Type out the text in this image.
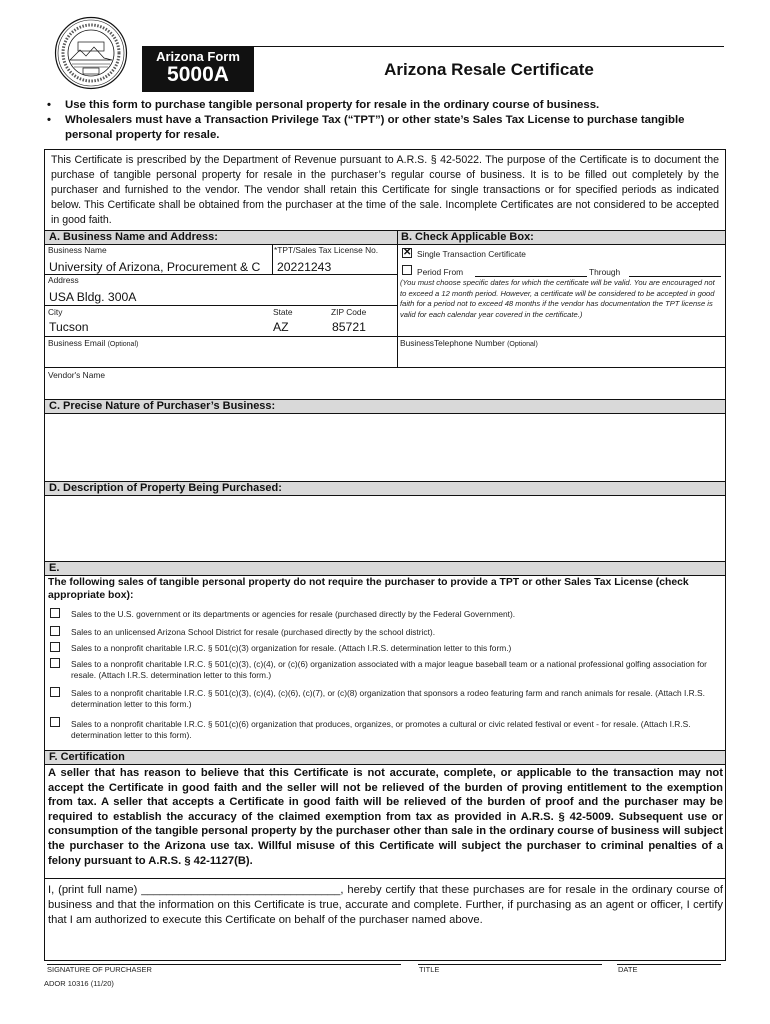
Arizona Form
5000A	Arizona Resale Certificate
• Use this form to purchase tangible personal property for resale in the ordinary course of business.
• Wholesalers must have a Transaction Privilege Tax (“TPT”) or other state’s Sales Tax License to purchase tangible personal property for resale.
This Certificate is prescribed by the Department of Revenue pursuant to A.R.S. § 42-5022. The purpose of the Certificate is to document the purchase of tangible personal property for resale in the purchaser’s regular course of business. It is to be filled out completely by the purchaser and furnished to the vendor. The vendor shall retain this Certificate for single transactions or for specified periods as indicated below. This Certificate shall be obtained from the purchaser at the time of the sale. Incomplete Certificates are not considered to be accepted in good faith.
A. Business Name and Address:	B. Check Applicable Box:
Business Name
University of Arizona, Procurement & C
*TPT/Sales Tax License No.
20221243
Address
USA Bldg. 300A
City
Tucson
State
AZ
ZIP Code
85721
Business Email (Optional)
✕ Single Transaction Certificate
Period From	Through
(You must choose specific dates for which the certificate will be valid. You are encouraged not to exceed a 12 month period. However, a certificate will be considered to be accepted in good faith for a period not to exceed 48 months if the vendor has documentation the TPT license is valid for each calendar year covered in the certificate.)
BusinessTelephone Number (Optional)
Vendor's Name
C. Precise Nature of Purchaser’s Business:
D. Description of Property Being Purchased:
E.
The following sales of tangible personal property do not require the purchaser to provide a TPT or other Sales Tax License (check appropriate box):
Sales to the U.S. government or its departments or agencies for resale (purchased directly by the Federal Government).
Sales to an unlicensed Arizona School District for resale (purchased directly by the school district).
Sales to a nonprofit charitable I.R.C. § 501(c)(3) organization for resale. (Attach I.R.S. determination letter to this form.)
Sales to a nonprofit charitable I.R.C. § 501(c)(3), (c)(4), or (c)(6) organization associated with a major league baseball team or a national professional golfing association for resale. (Attach I.R.S. determination letter to this form.)
Sales to a nonprofit charitable I.R.C. § 501(c)(3), (c)(4), (c)(6), (c)(7), or (c)(8) organization that sponsors a rodeo featuring farm and ranch animals for resale. (Attach I.R.S. determination letter to this form.)
Sales to a nonprofit charitable I.R.C. § 501(c)(6) organization that produces, organizes, or promotes a cultural or civic related festival or event - for resale. (Attach I.R.S. determination letter to this form).
F. Certification
A seller that has reason to believe that this Certificate is not accurate, complete, or applicable to the transaction may not accept the Certificate in good faith and the seller will not be relieved of the burden of proving entitlement to the exemption from tax. A seller that accepts a Certificate in good faith will be relieved of the burden of proof and the purchaser may be required to establish the accuracy of the claimed exemption from tax as provided in A.R.S. § 42-5009. Subsequent use or consumption of the tangible personal property by the purchaser other than sale in the ordinary course of business will subject the purchaser to the Arizona use tax. Willful misuse of this Certificate will subject the purchaser to criminal penalties of a felony pursuant to A.R.S. § 42-1127(B).
I, (print full name) ________________________________, hereby certify that these purchases are for resale in the ordinary course of business and that the information on this Certificate is true, accurate and complete. Further, if purchasing as an agent or officer, I certify that I am authorized to execute this Certificate on behalf of the purchaser named above.
SIGNATURE OF PURCHASER	TITLE	DATE
ADOR 10316 (11/20)
